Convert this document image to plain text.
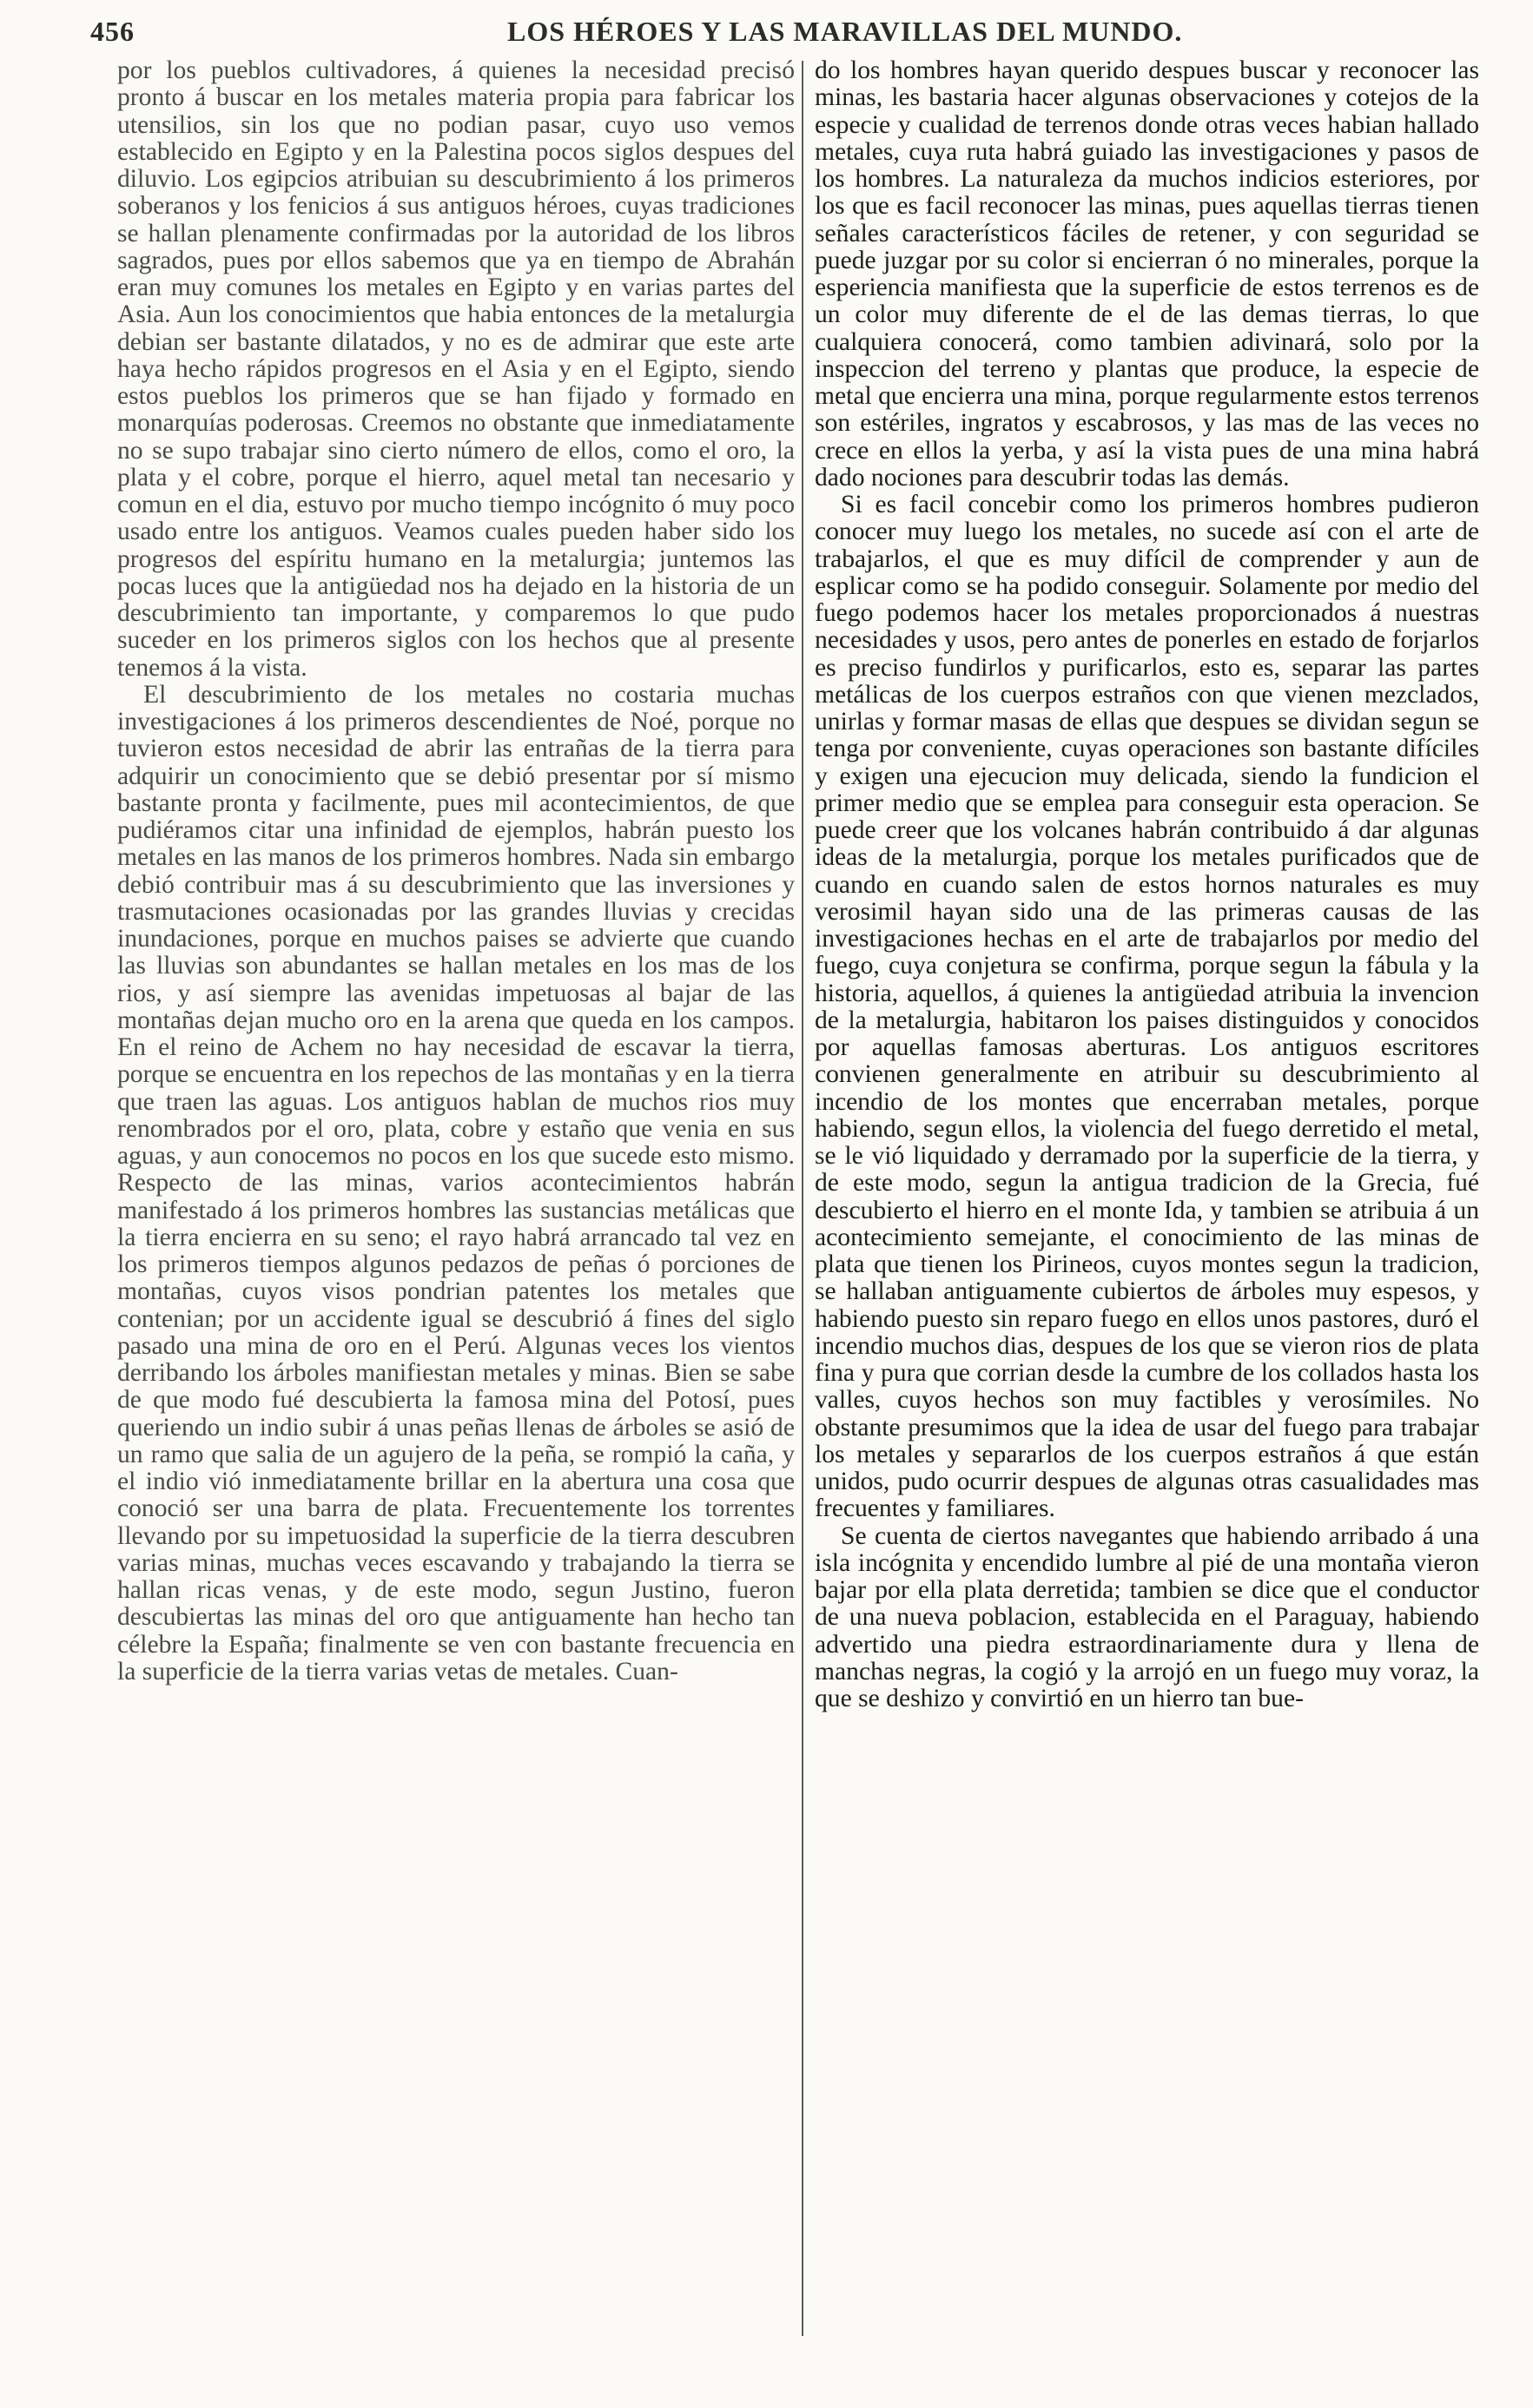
456	LOS HÉROES Y LAS MARAVILLAS DEL MUNDO.

por los pueblos cultivadores, á quienes la necesidad precisó pronto á buscar en los metales materia propia para fabricar los utensilios, sin los que no podian pasar, cuyo uso vemos establecido en Egipto y en la Palestina pocos siglos despues del diluvio. Los egipcios atribuian su descubrimiento á los primeros soberanos y los fenicios á sus antiguos héroes, cuyas tradiciones se hallan plenamente confirmadas por la autoridad de los libros sagrados, pues por ellos sabemos que ya en tiempo de Abrahán eran muy comunes los metales en Egipto y en varias partes del Asia. Aun los conocimientos que habia entonces de la metalurgia debian ser bastante dilatados, y no es de admirar que este arte haya hecho rápidos progresos en el Asia y en el Egipto, siendo estos pueblos los primeros que se han fijado y formado en monarquías poderosas. Creemos no obstante que inmediatamente no se supo trabajar sino cierto número de ellos, como el oro, la plata y el cobre, porque el hierro, aquel metal tan necesario y comun en el dia, estuvo por mucho tiempo incógnito ó muy poco usado entre los antiguos. Veamos cuales pueden haber sido los progresos del espíritu humano en la metalurgia; juntemos las pocas luces que la antigüedad nos ha dejado en la historia de un descubrimiento tan importante, y comparemos lo que pudo suceder en los primeros siglos con los hechos que al presente tenemos á la vista.

El descubrimiento de los metales no costaria muchas investigaciones á los primeros descendientes de Noé, porque no tuvieron estos necesidad de abrir las entrañas de la tierra para adquirir un conocimiento que se debió presentar por sí mismo bastante pronta y facilmente, pues mil acontecimientos, de que pudiéramos citar una infinidad de ejemplos, habrán puesto los metales en las manos de los primeros hombres. Nada sin embargo debió contribuir mas á su descubrimiento que las inversiones y trasmutaciones ocasionadas por las grandes lluvias y crecidas inundaciones, porque en muchos paises se advierte que cuando las lluvias son abundantes se hallan metales en los mas de los rios, y así siempre las avenidas impetuosas al bajar de las montañas dejan mucho oro en la arena que queda en los campos. En el reino de Achem no hay necesidad de escavar la tierra, porque se encuentra en los repechos de las montañas y en la tierra que traen las aguas. Los antiguos hablan de muchos rios muy renombrados por el oro, plata, cobre y estaño que venia en sus aguas, y aun conocemos no pocos en los que sucede esto mismo. Respecto de las minas, varios acontecimientos habrán manifestado á los primeros hombres las sustancias metálicas que la tierra encierra en su seno; el rayo habrá arrancado tal vez en los primeros tiempos algunos pedazos de peñas ó porciones de montañas, cuyos visos pondrian patentes los metales que contenian; por un accidente igual se descubrió á fines del siglo pasado una mina de oro en el Perú. Algunas veces los vientos derribando los árboles manifiestan metales y minas. Bien se sabe de que modo fué descubierta la famosa mina del Potosí, pues queriendo un indio subir á unas peñas llenas de árboles se asió de un ramo que salia de un agujero de la peña, se rompió la caña, y el indio vió inmediatamente brillar en la abertura una cosa que conoció ser una barra de plata. Frecuentemente los torrentes llevando por su impetuosidad la superficie de la tierra descubren varias minas, muchas veces escavando y trabajando la tierra se hallan ricas venas, y de este modo, segun Justino, fueron descubiertas las minas del oro que antiguamente han hecho tan célebre la España; finalmente se ven con bastante frecuencia en la superficie de la tierra varias vetas de metales. Cuan-

do los hombres hayan querido despues buscar y reconocer las minas, les bastaria hacer algunas observaciones y cotejos de la especie y cualidad de terrenos donde otras veces habian hallado metales, cuya ruta habrá guiado las investigaciones y pasos de los hombres. La naturaleza da muchos indicios esteriores, por los que es facil reconocer las minas, pues aquellas tierras tienen señales característicos fáciles de retener, y con seguridad se puede juzgar por su color si encierran ó no minerales, porque la esperiencia manifiesta que la superficie de estos terrenos es de un color muy diferente de el de las demas tierras, lo que cualquiera conocerá, como tambien adivinará, solo por la inspeccion del terreno y plantas que produce, la especie de metal que encierra una mina, porque regularmente estos terrenos son estériles, ingratos y escabrosos, y las mas de las veces no crece en ellos la yerba, y así la vista pues de una mina habrá dado nociones para descubrir todas las demás.

Si es facil concebir como los primeros hombres pudieron conocer muy luego los metales, no sucede así con el arte de trabajarlos, el que es muy difícil de comprender y aun de esplicar como se ha podido conseguir. Solamente por medio del fuego podemos hacer los metales proporcionados á nuestras necesidades y usos, pero antes de ponerles en estado de forjarlos es preciso fundirlos y purificarlos, esto es, separar las partes metálicas de los cuerpos estraños con que vienen mezclados, unirlas y formar masas de ellas que despues se dividan segun se tenga por conveniente, cuyas operaciones son bastante difíciles y exigen una ejecucion muy delicada, siendo la fundicion el primer medio que se emplea para conseguir esta operacion. Se puede creer que los volcanes habrán contribuido á dar algunas ideas de la metalurgia, porque los metales purificados que de cuando en cuando salen de estos hornos naturales es muy verosimil hayan sido una de las primeras causas de las investigaciones hechas en el arte de trabajarlos por medio del fuego, cuya conjetura se confirma, porque segun la fábula y la historia, aquellos, á quienes la antigüedad atribuia la invencion de la metalurgia, habitaron los paises distinguidos y conocidos por aquellas famosas aberturas. Los antiguos escritores convienen generalmente en atribuir su descubrimiento al incendio de los montes que encerraban metales, porque habiendo, segun ellos, la violencia del fuego derretido el metal, se le vió liquidado y derramado por la superficie de la tierra, y de este modo, segun la antigua tradicion de la Grecia, fué descubierto el hierro en el monte Ida, y tambien se atribuia á un acontecimiento semejante, el conocimiento de las minas de plata que tienen los Pirineos, cuyos montes segun la tradicion, se hallaban antiguamente cubiertos de árboles muy espesos, y habiendo puesto sin reparo fuego en ellos unos pastores, duró el incendio muchos dias, despues de los que se vieron rios de plata fina y pura que corrian desde la cumbre de los collados hasta los valles, cuyos hechos son muy factibles y verosímiles. No obstante presumimos que la idea de usar del fuego para trabajar los metales y separarlos de los cuerpos estraños á que están unidos, pudo ocurrir despues de algunas otras casualidades mas frecuentes y familiares.

Se cuenta de ciertos navegantes que habiendo arribado á una isla incógnita y encendido lumbre al pié de una montaña vieron bajar por ella plata derretida; tambien se dice que el conductor de una nueva poblacion, establecida en el Paraguay, habiendo advertido una piedra estraordinariamente dura y llena de manchas negras, la cogió y la arrojó en un fuego muy voraz, la que se deshizo y convirtió en un hierro tan bue-
